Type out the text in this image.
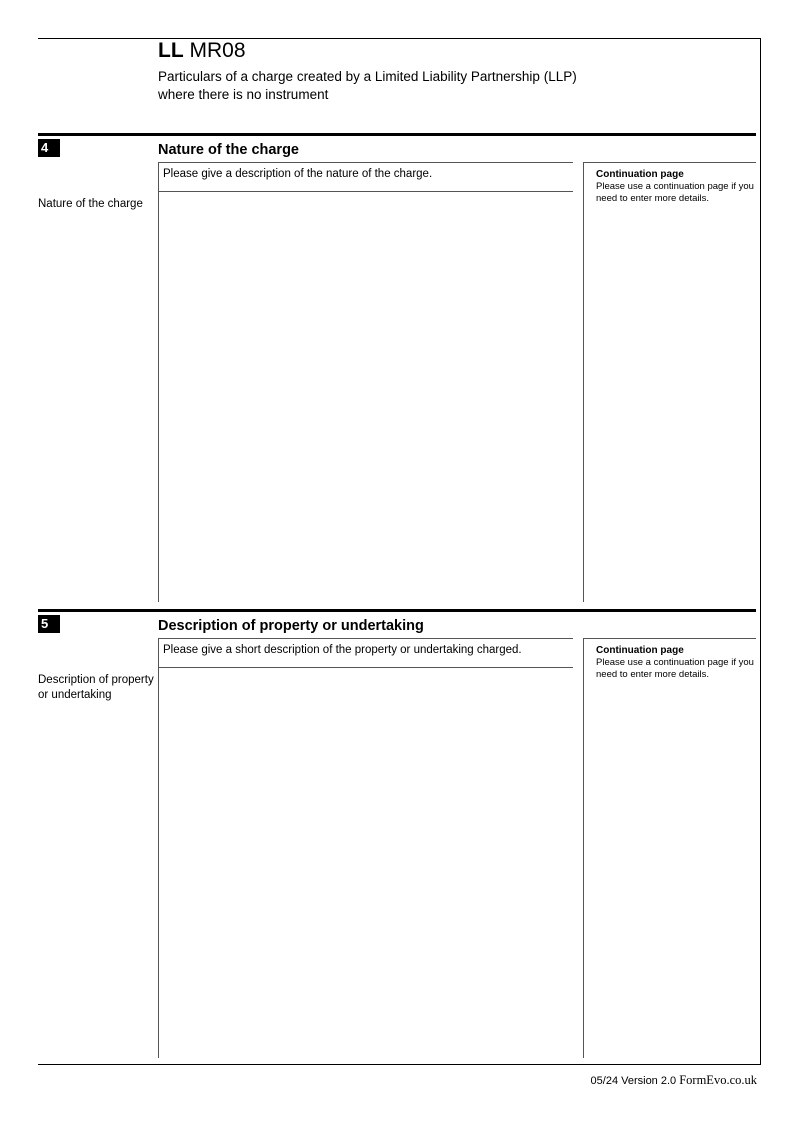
LL MR08
Particulars of a charge created by a Limited Liability Partnership (LLP)
where there is no instrument
4	Nature of the charge
Please give a description of the nature of the charge.	Continuation page
Please use a continuation page if you need to enter more details.
Nature of the charge
5	Description of property or undertaking
Please give a short description of the property or undertaking charged.	Continuation page
Please use a continuation page if you need to enter more details.
Description of property
or undertaking
05/24 Version 2.0 FormEvo.co.uk
